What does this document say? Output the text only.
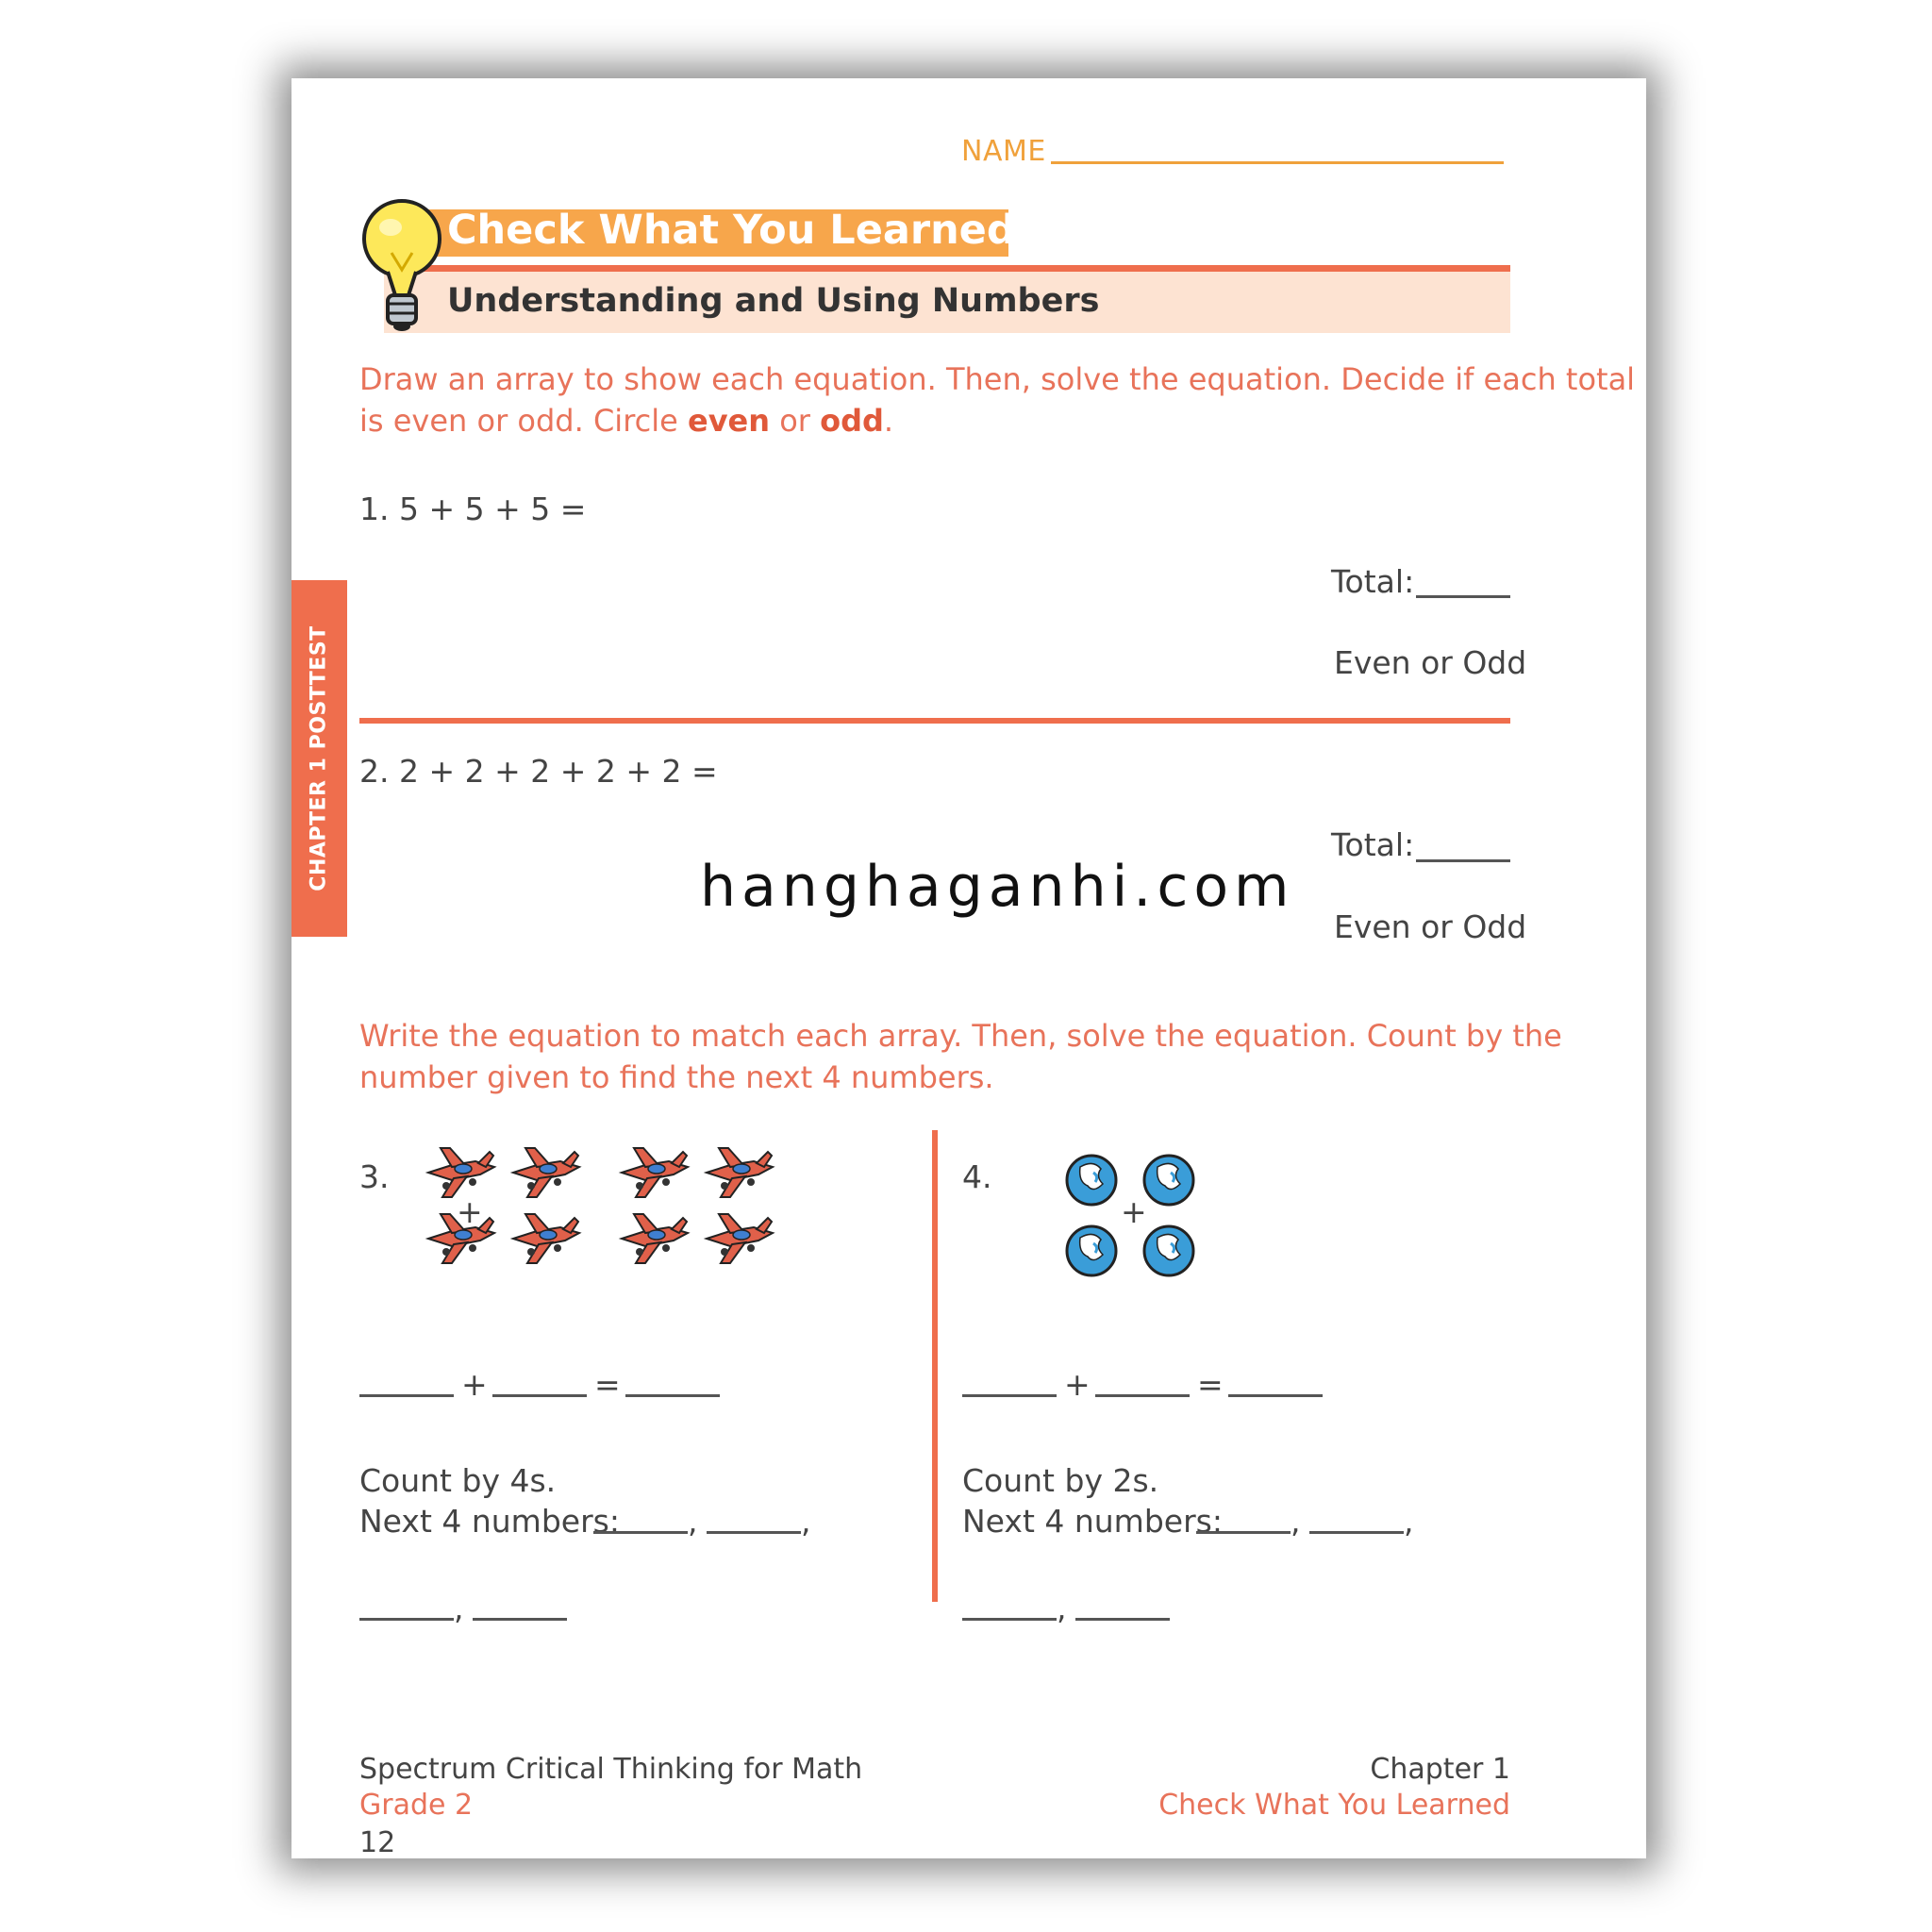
NAME
Check What You Learned
Understanding and Using Numbers
Draw an array to show each equation. Then, solve the equation. Decide if each total
is even or odd. Circle even or odd.
1. 5 + 5 + 5 =
Total:
Even or Odd
2. 2 + 2 + 2 + 2 + 2 =
Total:
Even or Odd
CHAPTER 1 POSTTEST	hanghaganhi.com
Write the equation to match each array. Then, solve the equation. Count by the
number given to find the next 4 numbers.
3.
+
+	=
Count by 4s.
Next 4 numbers: ,	,
,
4.
+
+	=
Count by 2s.
Next 4 numbers: ,	,
,
Spectrum Critical Thinking for Math
Grade 2
12
Chapter 1
Check What You Learned
